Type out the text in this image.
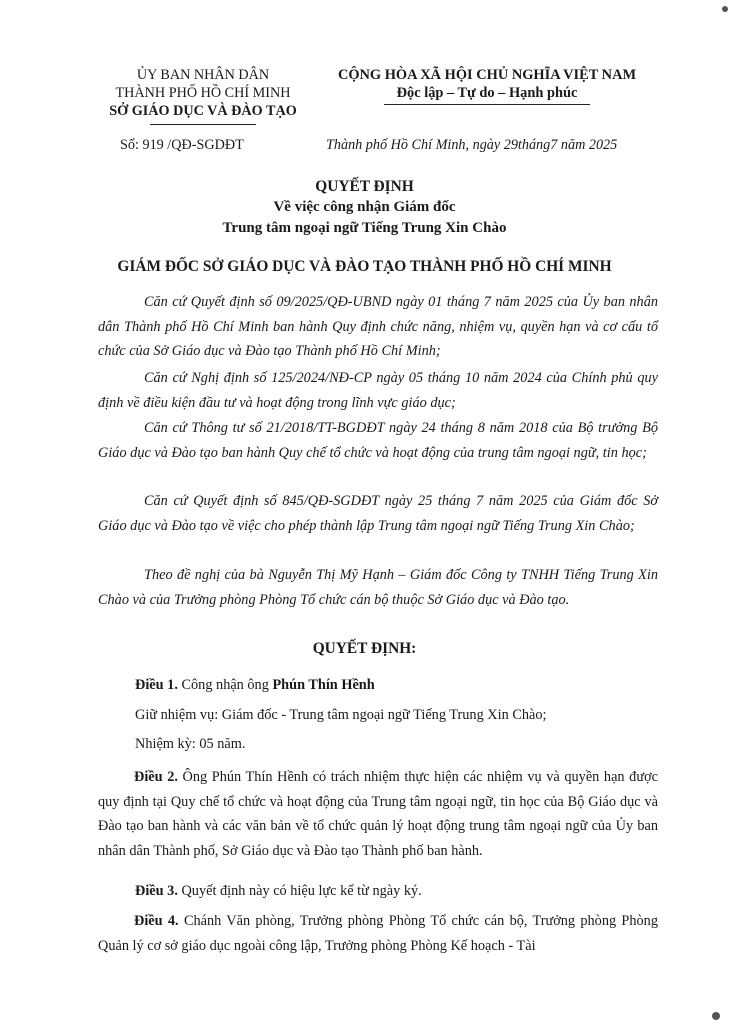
ỦY BAN NHÂN DÂN
THÀNH PHỐ HỒ CHÍ MINH
SỞ GIÁO DỤC VÀ ĐÀO TẠO
CỘNG HÒA XÃ HỘI CHỦ NGHĨA VIỆT NAM
Độc lập – Tự do – Hạnh phúc
Số: 919 /QĐ-SGDĐT	Thành phố Hồ Chí Minh, ngày 29tháng7 năm 2025
QUYẾT ĐỊNH
Về việc công nhận Giám đốc
Trung tâm ngoại ngữ Tiếng Trung Xin Chào
GIÁM ĐỐC SỞ GIÁO DỤC VÀ ĐÀO TẠO THÀNH PHỐ HỒ CHÍ MINH
Căn cứ Quyết định số 09/2025/QĐ-UBND ngày 01 tháng 7 năm 2025 của Ủy ban nhân dân Thành phố Hồ Chí Minh ban hành Quy định chức năng, nhiệm vụ, quyền hạn và cơ cấu tổ chức của Sở Giáo dục và Đào tạo Thành phố Hồ Chí Minh;
Căn cứ Nghị định số 125/2024/NĐ-CP ngày 05 tháng 10 năm 2024 của Chính phủ quy định về điều kiện đầu tư và hoạt động trong lĩnh vực giáo dục;
Căn cứ Thông tư số 21/2018/TT-BGDĐT ngày 24 tháng 8 năm 2018 của Bộ trưởng Bộ Giáo dục và Đào tạo ban hành Quy chế tổ chức và hoạt động của trung tâm ngoại ngữ, tin học;
Căn cứ Quyết định số 845/QĐ-SGDĐT ngày 25 tháng 7 năm 2025 của Giám đốc Sở Giáo dục và Đào tạo về việc cho phép thành lập Trung tâm ngoại ngữ Tiếng Trung Xin Chào;
Theo đề nghị của bà Nguyễn Thị Mỹ Hạnh – Giám đốc Công ty TNHH Tiếng Trung Xin Chào và của Trưởng phòng Phòng Tổ chức cán bộ thuộc Sở Giáo dục và Đào tạo.
QUYẾT ĐỊNH:
Điều 1. Công nhận ông Phún Thín Hềnh
Giữ nhiệm vụ: Giám đốc - Trung tâm ngoại ngữ Tiếng Trung Xin Chào;
Nhiệm kỳ: 05 năm.
Điều 2. Ông Phún Thín Hềnh có trách nhiệm thực hiện các nhiệm vụ và quyền hạn được quy định tại Quy chế tổ chức và hoạt động của Trung tâm ngoại ngữ, tin học của Bộ Giáo dục và Đào tạo ban hành và các văn bản về tổ chức quản lý hoạt động trung tâm ngoại ngữ của Ủy ban nhân dân Thành phố, Sở Giáo dục và Đào tạo Thành phố ban hành.
Điều 3. Quyết định này có hiệu lực kể từ ngày ký.
Điều 4. Chánh Văn phòng, Trưởng phòng Phòng Tổ chức cán bộ, Trưởng phòng Phòng Quản lý cơ sở giáo dục ngoài công lập, Trưởng phòng Phòng Kế hoạch - Tài
